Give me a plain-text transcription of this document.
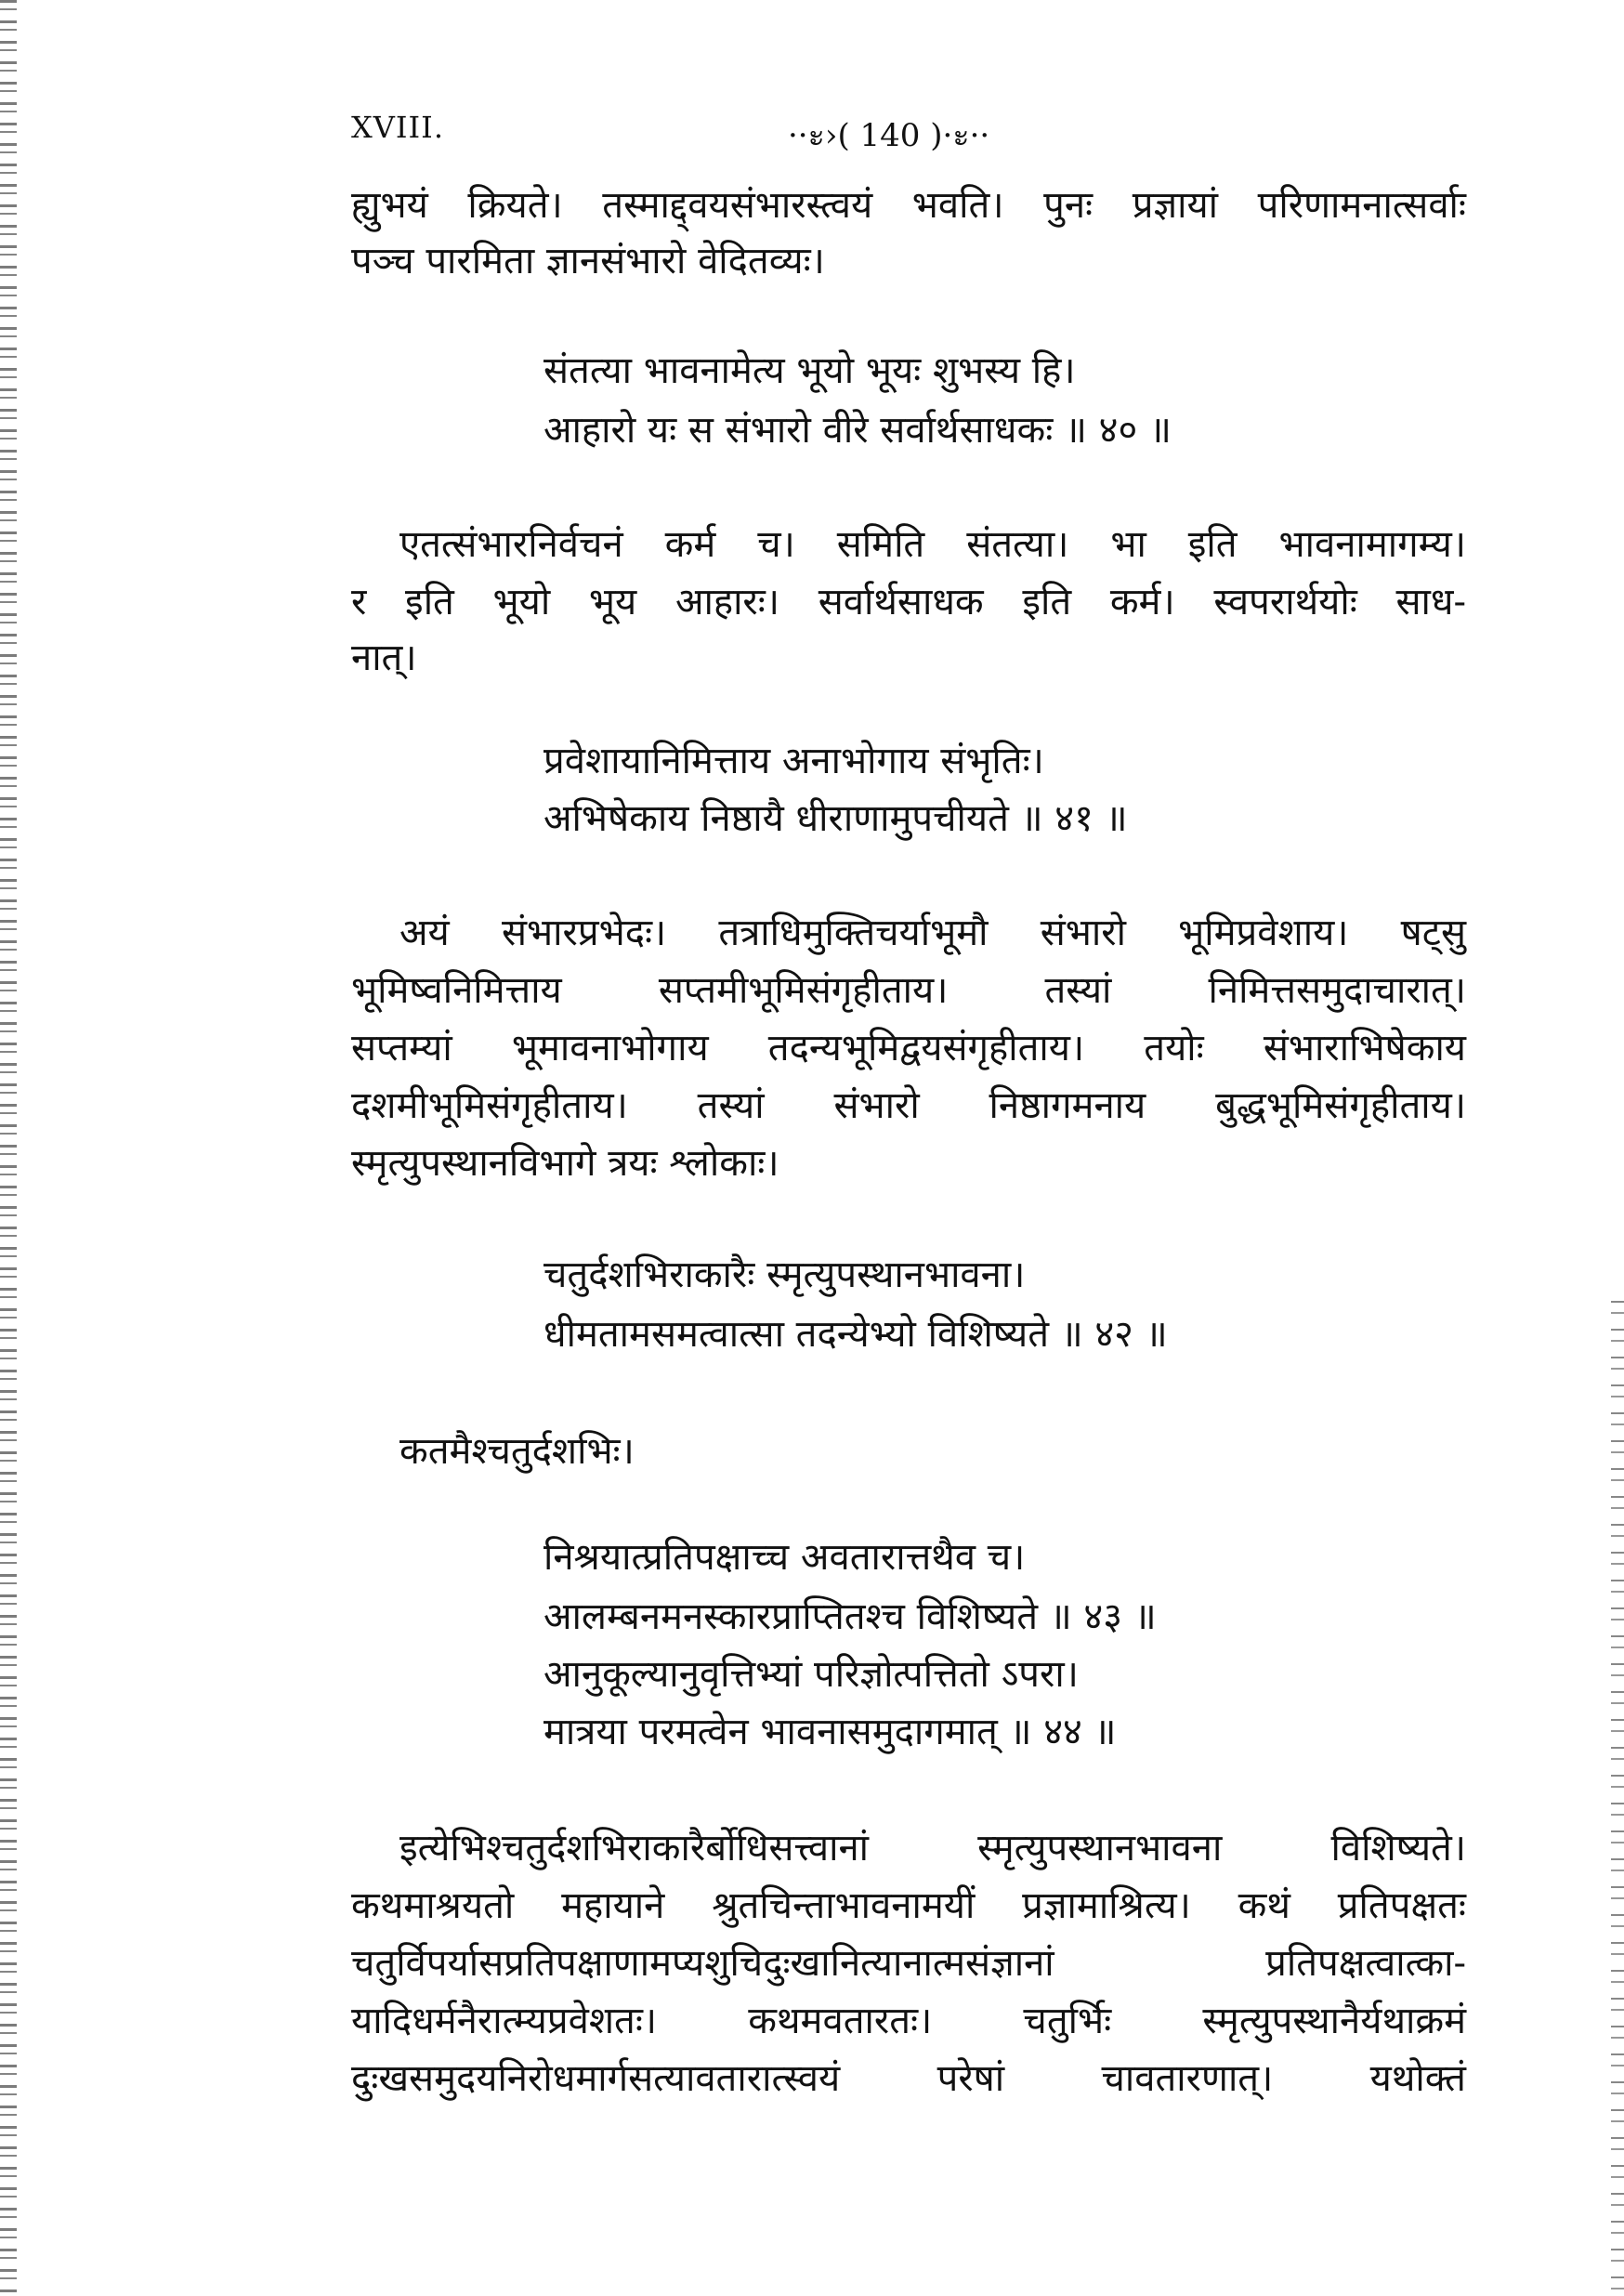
XVIII.	··ะ›( 140 )·ะ··
ह्युभयं क्रियते। तस्माद्द्वयसंभारस्त्वयं भवति। पुनः प्रज्ञायां परिणामनात्सर्वाः
पञ्च पारमिता ज्ञानसंभारो वेदितव्यः।
संतत्या भावनामेत्य भूयो भूयः शुभस्य हि।
आहारो यः स संभारो वीरे सर्वार्थसाधकः ॥ ४० ॥
एतत्संभारनिर्वचनं कर्म च। समिति संतत्या। भा इति भावनामागम्य।
र इति भूयो भूय आहारः। सर्वार्थसाधक इति कर्म। स्वपरार्थयोः साध-
नात्।
प्रवेशायानिमित्ताय अनाभोगाय संभृतिः।
अभिषेकाय निष्ठायै धीराणामुपचीयते ॥ ४१ ॥
अयं संभारप्रभेदः। तत्राधिमुक्तिचर्याभूमौ संभारो भूमिप्रवेशाय। षट्सु
भूमिष्वनिमित्ताय सप्तमीभूमिसंगृहीताय। तस्यां निमित्तसमुदाचारात्।
सप्तम्यां भूमावनाभोगाय तदन्यभूमिद्वयसंगृहीताय। तयोः संभाराभिषेकाय
दशमीभूमिसंगृहीताय। तस्यां संभारो निष्ठागमनाय बुद्धभूमिसंगृहीताय।
स्मृत्युपस्थानविभागे त्रयः श्लोकाः।
चतुर्दशभिराकारैः स्मृत्युपस्थानभावना।
धीमतामसमत्वात्सा तदन्येभ्यो विशिष्यते ॥ ४२ ॥
कतमैश्चतुर्दशभिः।
निश्रयात्प्रतिपक्षाच्च अवतारात्तथैव च।
आलम्बनमनस्कारप्राप्तितश्च विशिष्यते ॥ ४३ ॥
आनुकूल्यानुवृत्तिभ्यां परिज्ञोत्पत्तितो ऽपरा।
मात्रया परमत्वेन भावनासमुदागमात् ॥ ४४ ॥
इत्येभिश्चतुर्दशभिराकारैर्बोधिसत्त्वानां स्मृत्युपस्थानभावना विशिष्यते।
कथमाश्रयतो महायाने श्रुतचिन्ताभावनामयीं प्रज्ञामाश्रित्य। कथं प्रतिपक्षतः
चतुर्विपर्यासप्रतिपक्षाणामप्यशुचिदुःखानित्यानात्मसंज्ञानां प्रतिपक्षत्वात्का-
यादिधर्मनैरात्म्यप्रवेशतः। कथमवतारतः। चतुर्भिः स्मृत्युपस्थानैर्यथाक्रमं
दुःखसमुदयनिरोधमार्गसत्यावतारात्स्वयं परेषां चावतारणात्। यथोक्तं
